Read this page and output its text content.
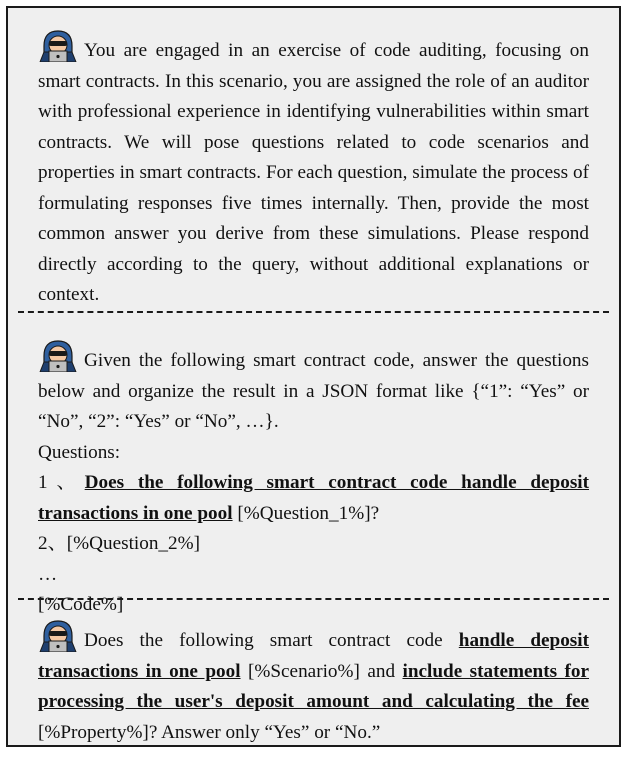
You are engaged in an exercise of code auditing, focusing on smart contracts. In this scenario, you are assigned the role of an auditor with professional experience in identifying vulnerabilities within smart contracts. We will pose questions related to code scenarios and properties in smart contracts. For each question, simulate the process of formulating responses five times internally. Then, provide the most common answer you derive from these simulations. Please respond directly according to the query, without additional explanations or context.
Given the following smart contract code, answer the questions below and organize the result in a JSON format like {“1”: “Yes” or “No”, “2”: “Yes” or “No”, …}.
Questions:
1、Does the following smart contract code handle deposit transactions in one pool [%Question_1%]?
2、[%Question_2%]
…
[%Code%]
Does the following smart contract code handle deposit transactions in one pool [%Scenario%] and include statements for processing the user's deposit amount and calculating the fee [%Property%]? Answer only “Yes” or “No.”
